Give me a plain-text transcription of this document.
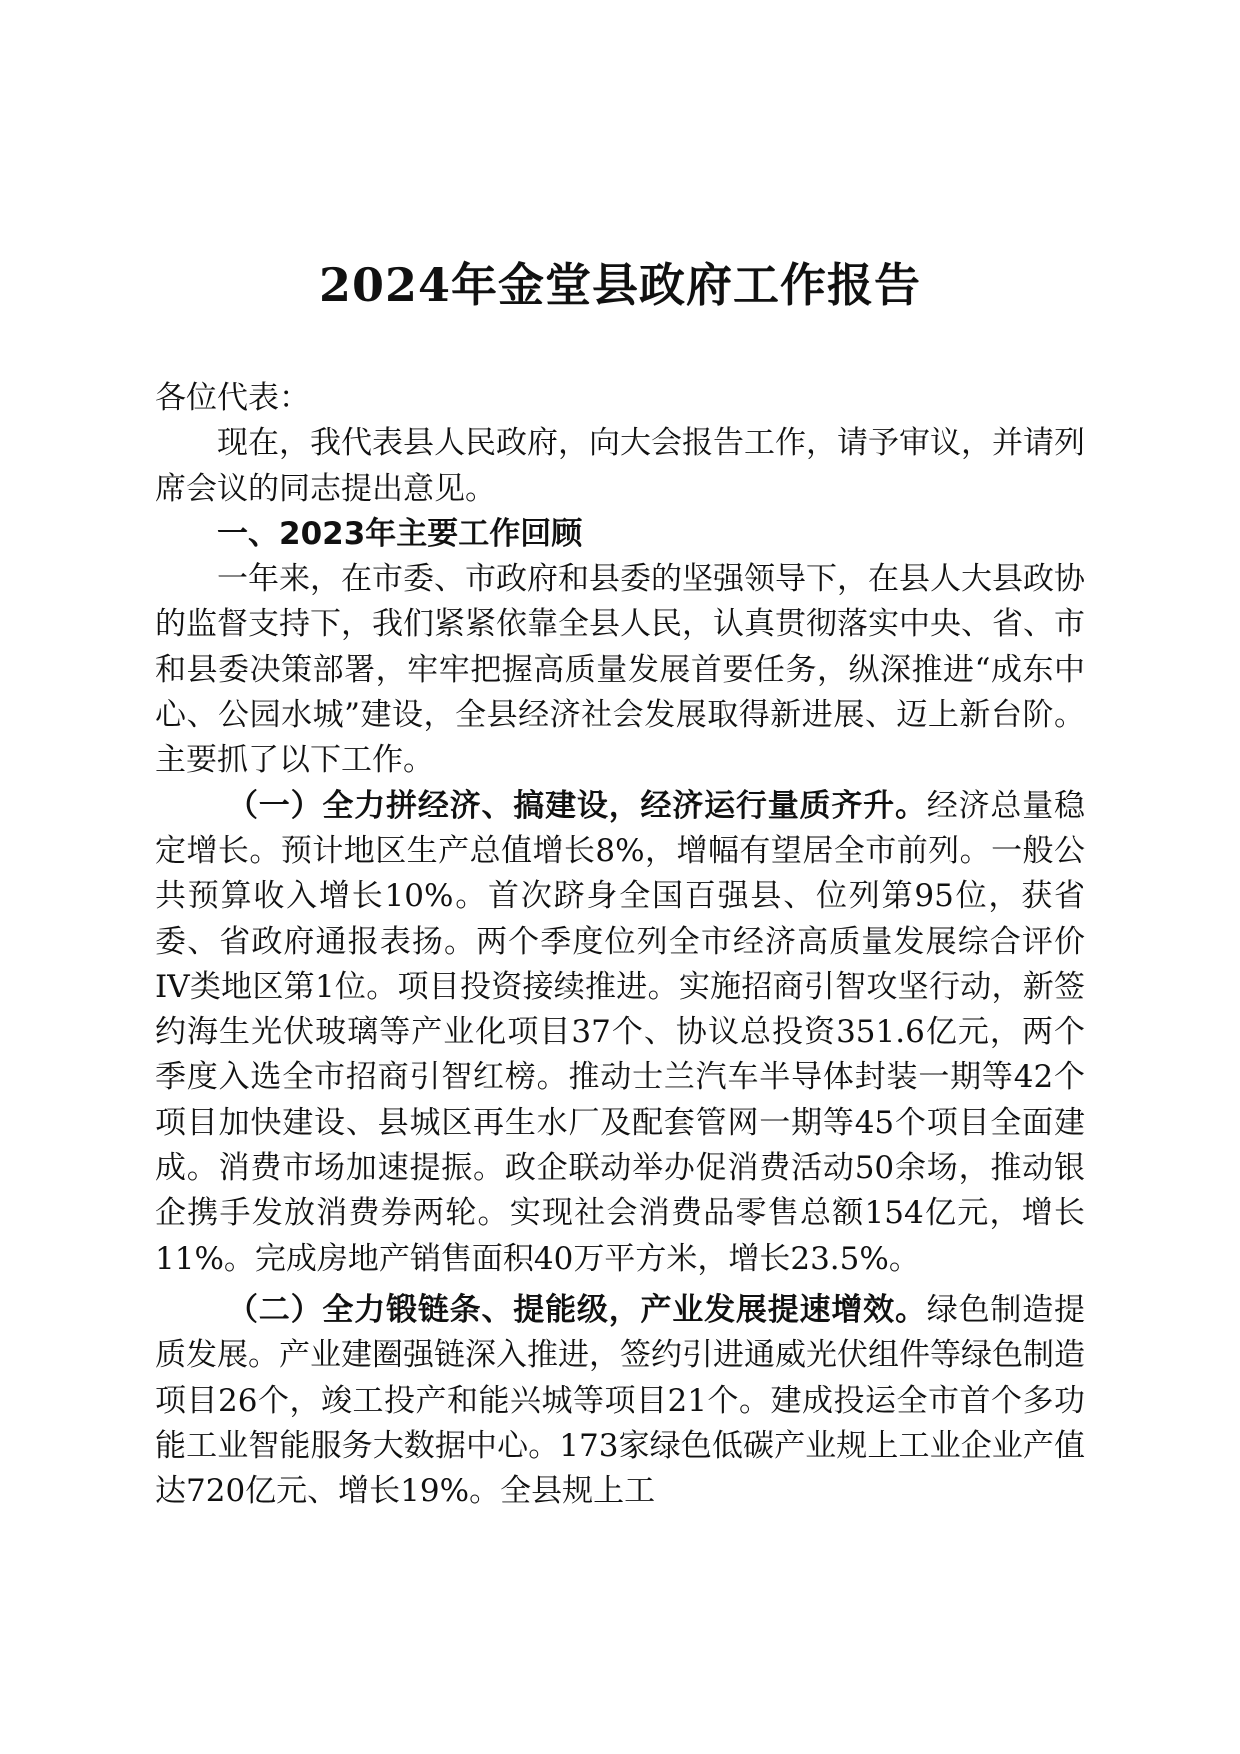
2024年金堂县政府工作报告

各位代表：

现在，我代表县人民政府，向大会报告工作，请予审议，并请列席会议的同志提出意见。

一、2023年主要工作回顾

一年来，在市委、市政府和县委的坚强领导下，在县人大县政协的监督支持下，我们紧紧依靠全县人民，认真贯彻落实中央、省、市和县委决策部署，牢牢把握高质量发展首要任务，纵深推进“成东中心、公园水城”建设，全县经济社会发展取得新进展、迈上新台阶。主要抓了以下工作。

（一）全力拼经济、搞建设，经济运行量质齐升。经济总量稳定增长。预计地区生产总值增长8%，增幅有望居全市前列。一般公共预算收入增长10%。首次跻身全国百强县、位列第95位，获省委、省政府通报表扬。两个季度位列全市经济高质量发展综合评价IV类地区第1位。项目投资接续推进。实施招商引智攻坚行动，新签约海生光伏玻璃等产业化项目37个、协议总投资351.6亿元，两个季度入选全市招商引智红榜。推动士兰汽车半导体封装一期等42个项目加快建设、县城区再生水厂及配套管网一期等45个项目全面建成。消费市场加速提振。政企联动举办促消费活动50余场，推动银企携手发放消费券两轮。实现社会消费品零售总额154亿元，增长11%。完成房地产销售面积40万平方米，增长23.5%。

（二）全力锻链条、提能级，产业发展提速增效。绿色制造提质发展。产业建圈强链深入推进，签约引进通威光伏组件等绿色制造项目26个，竣工投产和能兴城等项目21个。建成投运全市首个多功能工业智能服务大数据中心。173家绿色低碳产业规上工业企业产值达720亿元、增长19%。全县规上工
